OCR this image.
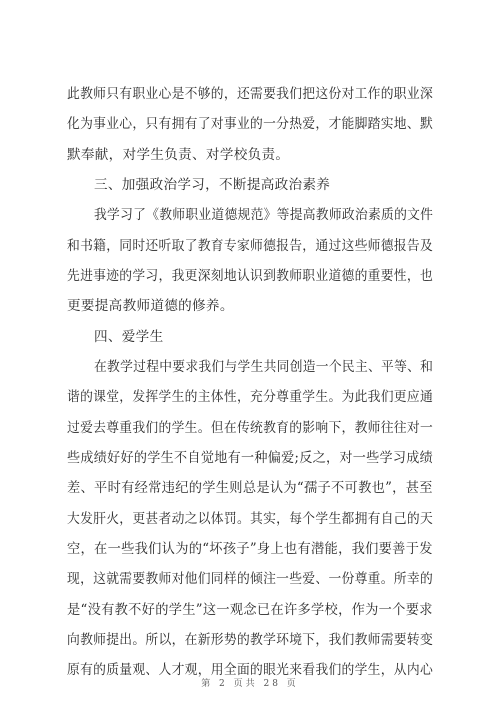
此教师只有职业心是不够的，还需要我们把这份对工作的职业深
化为事业心，只有拥有了对事业的一分热爱，才能脚踏实地、默
默奉献，对学生负责、对学校负责。
三、加强政治学习，不断提高政治素养
我学习了《教师职业道德规范》等提高教师政治素质的文件
和书籍，同时还听取了教育专家师德报告，通过这些师德报告及
先进事迹的学习，我更深刻地认识到教师职业道德的重要性，也
更要提高教师道德的修养。
四、爱学生
在教学过程中要求我们与学生共同创造一个民主、平等、和
谐的课堂，发挥学生的主体性，充分尊重学生。为此我们更应通
过爱去尊重我们的学生。但在传统教育的影响下，教师往往对一
些成绩好好的学生不自觉地有一种偏爱;反之，对一些学习成绩
差、平时有经常违纪的学生则总是认为“孺子不可教也”，甚至
大发肝火，更甚者动之以体罚。其实，每个学生都拥有自己的天
空，在一些我们认为的“坏孩子”身上也有潜能，我们要善于发
现，这就需要教师对他们同样的倾注一些爱、一份尊重。所幸的
是“没有教不好的学生”这一观念已在许多学校，作为一个要求
向教师提出。所以，在新形势的教学环境下，我们教师需要转变
原有的质量观、人才观，用全面的眼光来看我们的学生，从内心
第 2 页共 28 页
